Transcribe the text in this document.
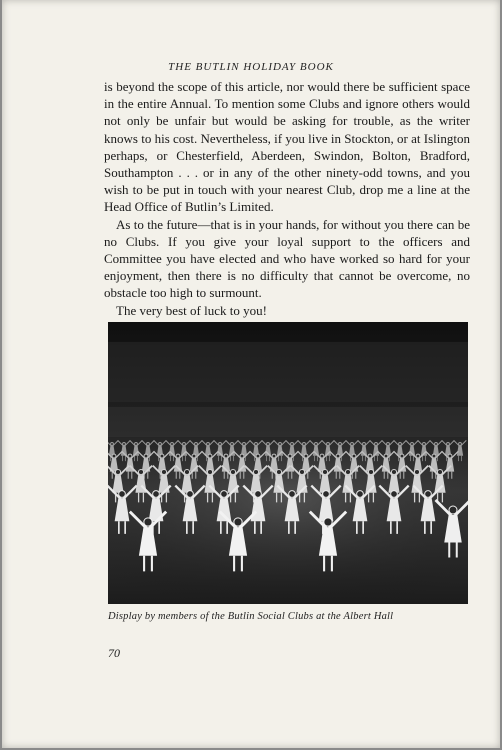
THE BUTLIN HOLIDAY BOOK

is beyond the scope of this article, nor would there be sufficient space in the entire Annual. To mention some Clubs and ignore others would not only be unfair but would be asking for trouble, as the writer knows to his cost. Nevertheless, if you live in Stockton, or at Islington perhaps, or Chesterfield, Aberdeen, Swindon, Bolton, Bradford, Southampton . . . or in any of the other ninety-odd towns, and you wish to be put in touch with your nearest Club, drop me a line at the Head Office of Butlin’s Limited.

As to the future—that is in your hands, for without you there can be no Clubs. If you give your loyal support to the officers and Committee you have elected and who have worked so hard for your enjoyment, then there is no difficulty that cannot be overcome, no obstacle too high to surmount.

The very best of luck to you!

Display by members of the Butlin Social Clubs at the Albert Hall
70
